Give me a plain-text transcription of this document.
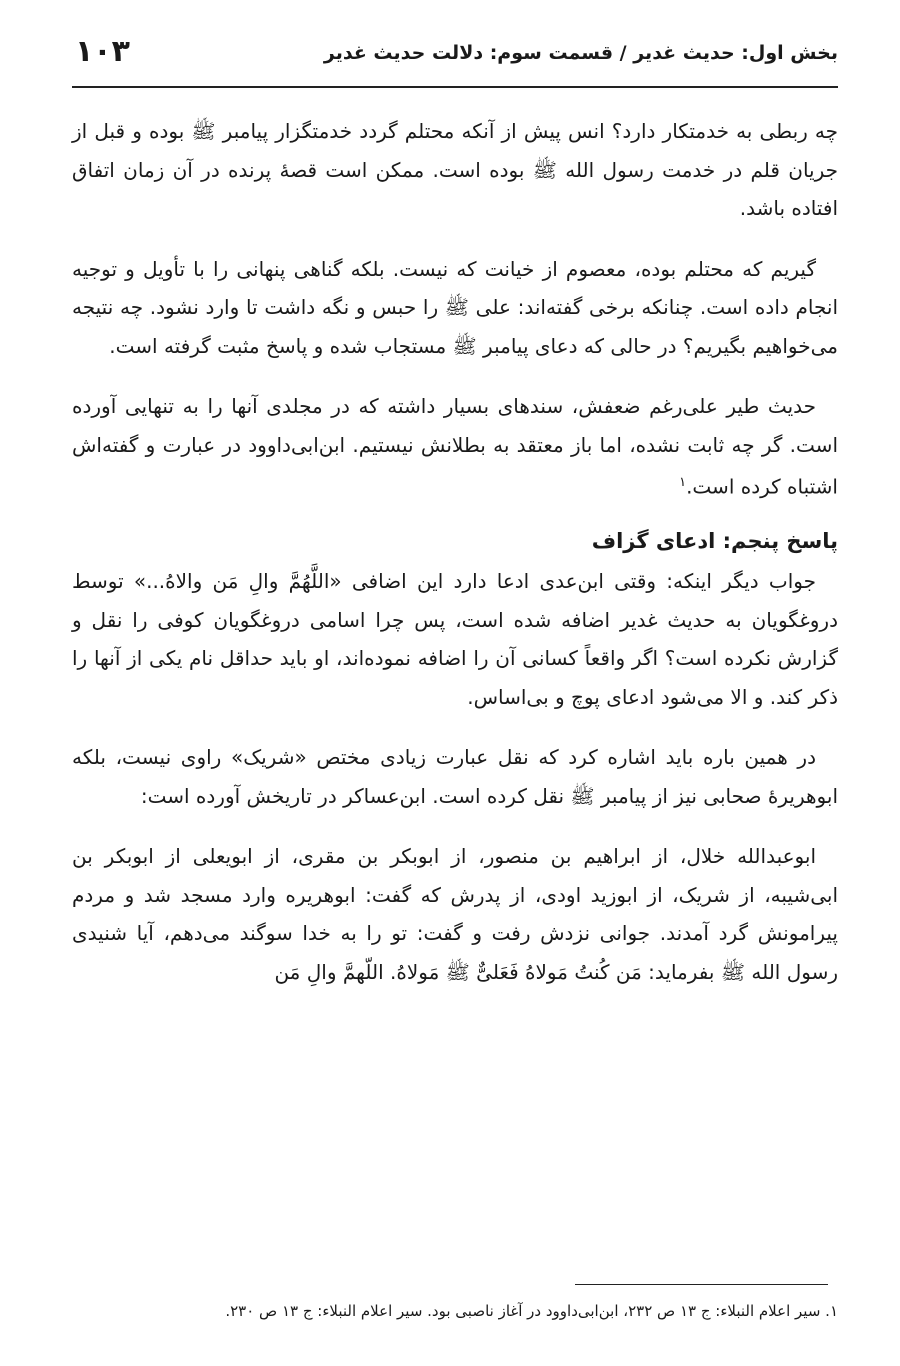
بخش اول: حدیث غدیر / قسمت سوم: دلالت حدیث غدیر
۱۰۳

چه ربطی به خدمتکار دارد؟ انس پیش از آنکه محتلم گردد خدمتگزار پیامبر ﷺ بوده و قبل از جریان قلم در خدمت رسول الله ﷺ بوده است. ممکن است قصهٔ پرنده در آن زمان اتفاق افتاده باشد.

گیریم که محتلم بوده، معصوم از خیانت که نیست. بلکه گناهی پنهانی را با تأویل و توجیه انجام داده است. چنانکه برخی گفته‌اند: علی ﷺ را حبس و نگه داشت تا وارد نشود. چه نتیجه می‌خواهیم بگیریم؟ در حالی که دعای پیامبر ﷺ مستجاب شده و پاسخ مثبت گرفته است.

حدیث طیر علی‌رغم ضعفش، سندهای بسیار داشته که در مجلدی آنها را به تنهایی آورده است. گر چه ثابت نشده، اما باز معتقد به بطلانش نیستیم. ابن‌ابی‌داوود در عبارت و گفته‌اش اشتباه کرده است.$^۱$

پاسخ پنجم: ادعای گزاف

جواب دیگر اینکه: وقتی ابن‌عدی ادعا دارد این اضافی «اللَّهُمَّ والِ مَن والاهُ...» توسط دروغگویان به حدیث غدیر اضافه شده است، پس چرا اسامی دروغگویان کوفی را نقل و گزارش نکرده است؟ اگر واقعاً کسانی آن را اضافه نموده‌اند، او باید حداقل نام یکی از آنها را ذکر کند. و الا می‌شود ادعای پوچ و بی‌اساس.

در همین باره باید اشاره کرد که نقل عبارت زیادی مختص «شریک» راوی نیست، بلکه ابوهریرهٔ صحابی نیز از پیامبر ﷺ نقل کرده است. ابن‌عساکر در تاریخش آورده است:

ابوعبدالله خلال، از ابراهیم بن منصور، از ابوبکر بن مقری، از ابویعلی از ابوبکر بن ابی‌شیبه، از شریک، از ابوزید اودی، از پدرش که گفت: ابوهریره وارد مسجد شد و مردم پیرامونش گرد آمدند. جوانی نزدش رفت و گفت: تو را به خدا سوگند می‌دهم، آیا شنیدی رسول الله ﷺ بفرماید: مَن کُنتُ مَولاهُ فَعَلیٌّ ﷺ مَولاهُ. اللّهمَّ والِ مَن

۱. سیر اعلام النبلاء: ج ۱۳ ص ۲۳۲، ابن‌ابی‌داوود در آغاز ناصبی بود. سیر اعلام النبلاء: ج ۱۳ ص ۲۳۰.
